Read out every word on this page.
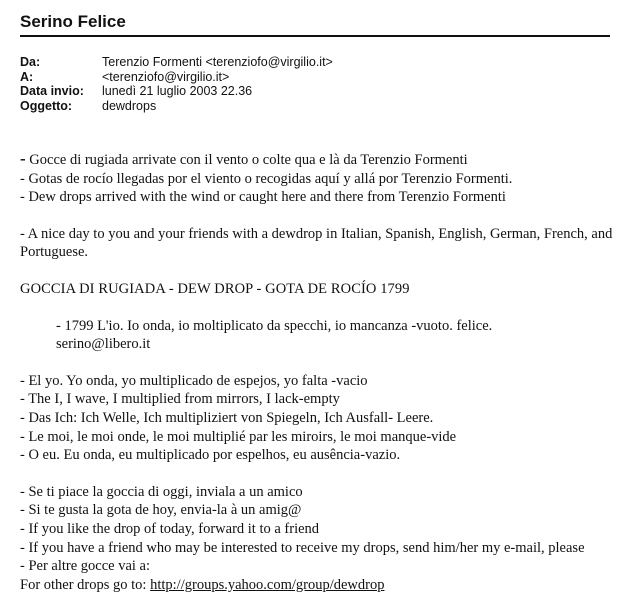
Serino Felice
Da:	Terenzio Formenti <terenziofo@virgilio.it>
A:	<terenziofo@virgilio.it>
Data invio:	lunedì 21 luglio 2003 22.36
Oggetto:	dewdrops
- Gocce di rugiada arrivate con il vento o colte qua e là da Terenzio Formenti
- Gotas de rocío llegadas por el viento o recogidas aquí y allá por Terenzio Formenti.
- Dew drops arrived with the wind or caught here and there from Terenzio Formenti
- A nice day to you and your friends with a dewdrop in Italian, Spanish, English, German, French, and Portuguese.
GOCCIA DI RUGIADA - DEW DROP - GOTA DE ROCÍO 1799
- 1799 L'io. Io onda, io moltiplicato da specchi, io mancanza -vuoto. felice.
serino@libero.it
- El yo. Yo onda, yo multiplicado de espejos, yo falta -vacio
- The I, I wave, I multiplied from mirrors, I lack-empty
- Das Ich: Ich Welle, Ich multipliziert von Spiegeln, Ich Ausfall- Leere.
- Le moi, le moi onde, le moi multiplié par les miroirs, le moi manque-vide
- O eu. Eu onda, eu multiplicado por espelhos, eu ausência-vazio.
- Se ti piace la goccia di oggi, inviala a un amico
- Si te gusta la gota de hoy, envia-la à un amig@
- If you like the drop of today, forward it to a friend
- If you have a friend who may be interested to receive my drops, send him/her my e-mail, please
- Per altre gocce vai a:
For other drops go to: http://groups.yahoo.com/group/dewdrop
